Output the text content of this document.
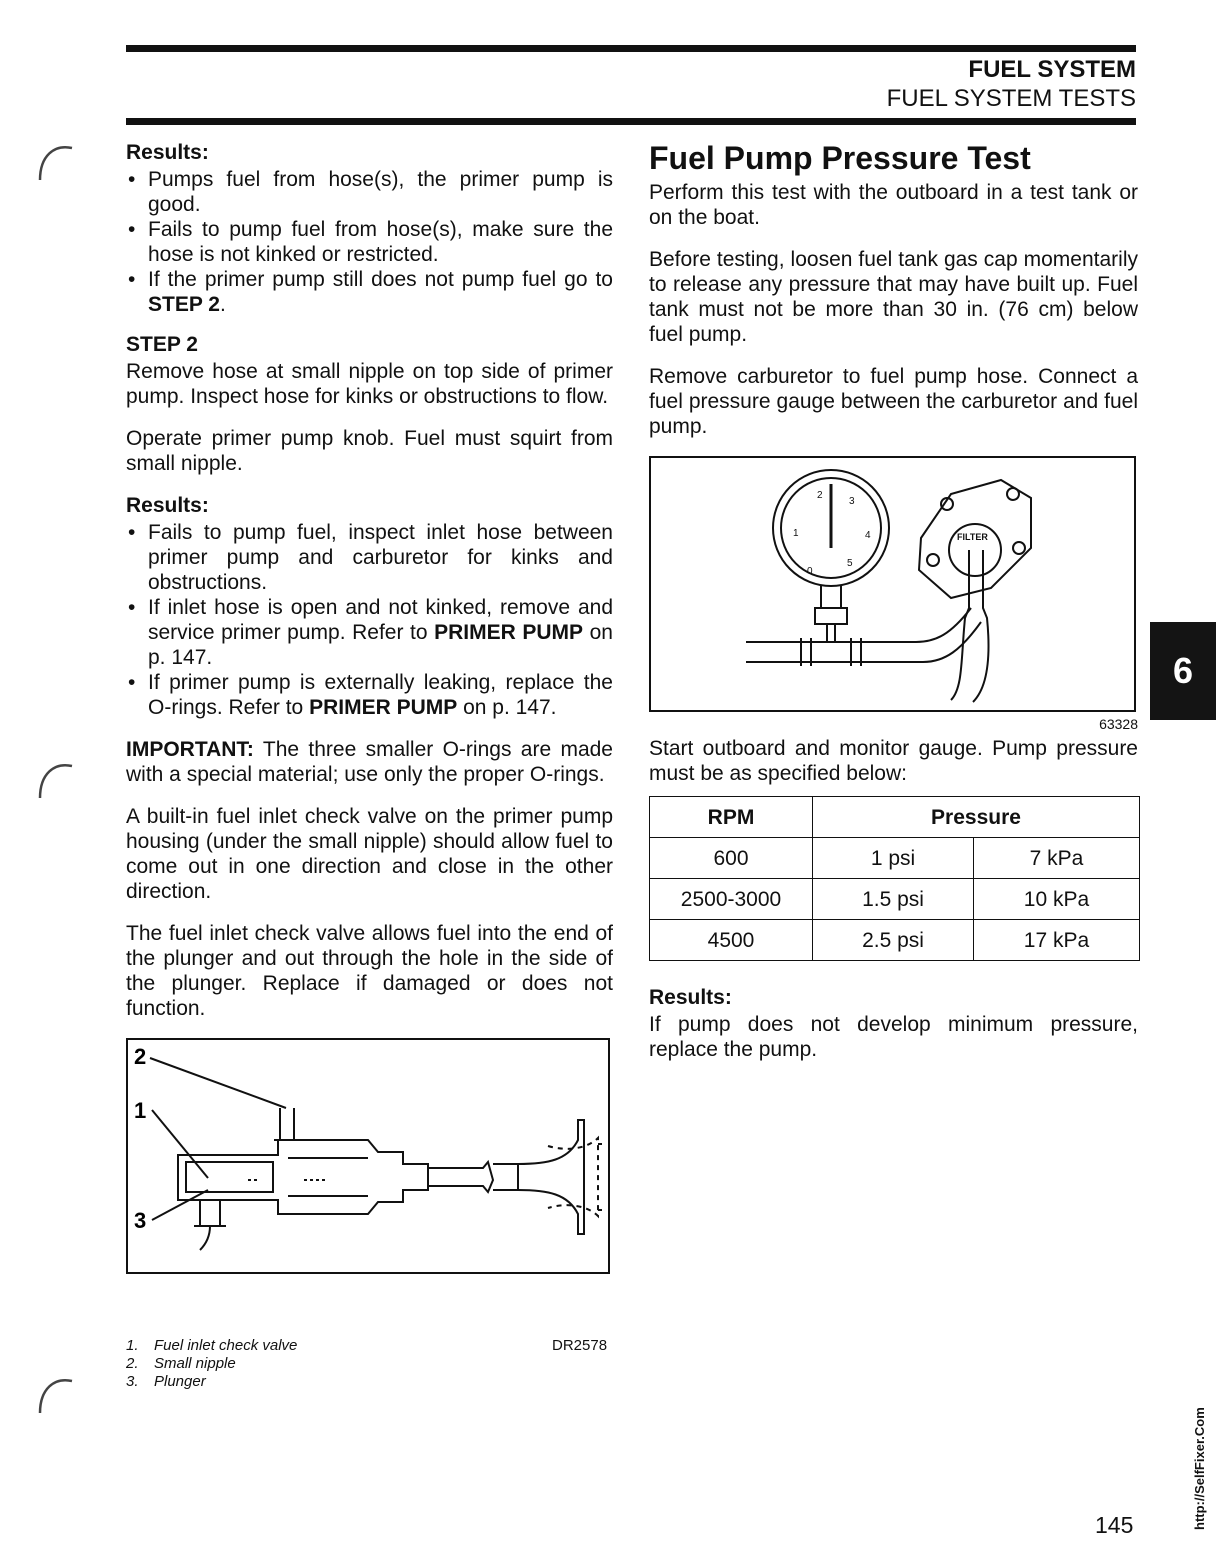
FUEL SYSTEM
FUEL SYSTEM TESTS
Results:
• Pumps fuel from hose(s), the primer pump is good.
• Fails to pump fuel from hose(s), make sure the hose is not kinked or restricted.
• If the primer pump still does not pump fuel go to STEP 2.
STEP 2

Remove hose at small nipple on top side of primer pump. Inspect hose for kinks or obstructions to flow.

Operate primer pump knob. Fuel must squirt from small nipple.

Results:
• Fails to pump fuel, inspect inlet hose between primer pump and carburetor for kinks and obstructions.
• If inlet hose is open and not kinked, remove and service primer pump. Refer to PRIMER PUMP on p. 147.
• If primer pump is externally leaking, replace the O-rings. Refer to PRIMER PUMP on p. 147.

IMPORTANT: The three smaller O-rings are made with a special material; use only the proper O-rings.

A built-in fuel inlet check valve on the primer pump housing (under the small nipple) should allow fuel to come out in one direction and close in the other direction.

The fuel inlet check valve allows fuel into the end of the plunger and out through the hole in the side of the plunger. Replace if damaged or does not function.

2
1
3
1. Fuel inlet check valve
2. Small nipple
3. Plunger
DR2578
Fuel Pump Pressure Test

Perform this test with the outboard in a test tank or on the boat.

Before testing, loosen fuel tank gas cap momentarily to release any pressure that may have built up. Fuel tank must not be more than 30 in. (76 cm) below fuel pump.

Remove carburetor to fuel pump hose. Connect a fuel pressure gauge between the carburetor and fuel pump.

1
2
3
4
5
0
FILTER
63328

Start outboard and monitor gauge. Pump pressure must be as specified below:

RPM	Pressure	
600	1 psi	7 kPa
2500-3000	1.5 psi	10 kPa
4500	2.5 psi	17 kPa
Results:

If pump does not develop minimum pressure, replace the pump.

6
145	http://SelfFixer.Com
